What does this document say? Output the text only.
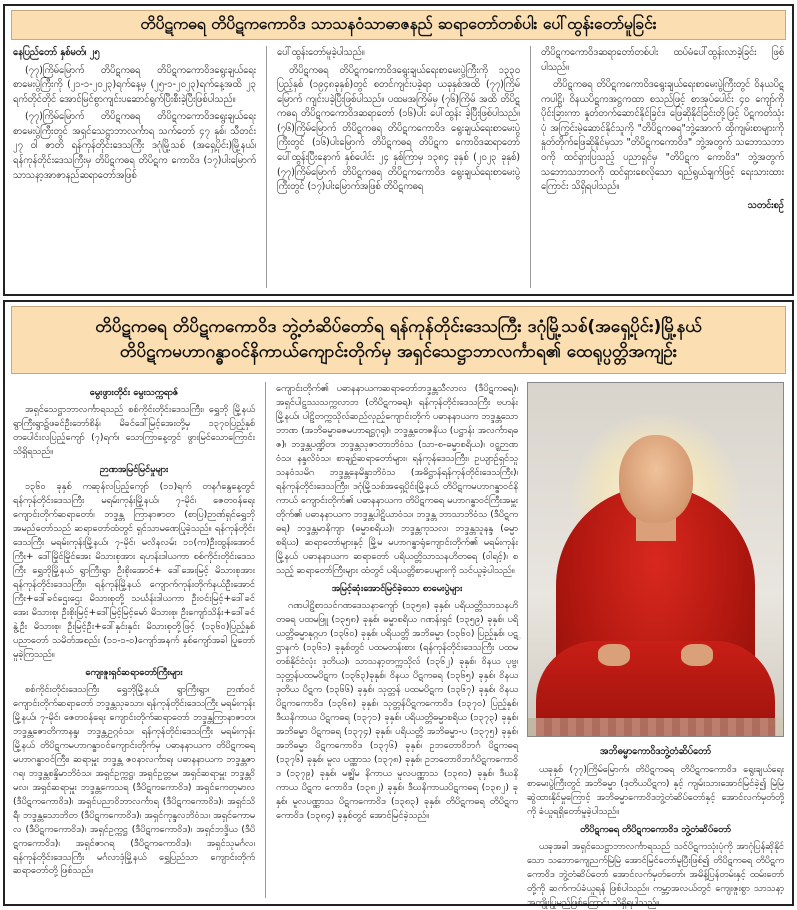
တိပိဋကဓရ တိပိဋကကောဝိဒ သာသနဝံသာဓာဇနည် ဆရာတော်တစ်ပါး ပေါ်ထွန်းတော်မူခြင်း

နေပြည်တော် နှစ်မတ်၊ ၂၅

(၇၇)ကြိမ်မြောက် တိပိဋကဓရ တိပိဋကကောဝိဒရွေးချယ်ရေး စာမေးပွဲကြီးကို (၂၁-၁-၂၀၂၃)ရက်နေ့မှ (၂၅-၁-၂၀၂၃)ရက်နေ့အထိ ၂၃ ရက်တိုင်တိုင် အောင်မြင်စွာကျင်းပဆောင်ရွက်ပြီးစီးခဲ့ပြီးဖြစ်ပါသည်။

(၇၇)ကြိမ်မြောက် တိပိဋကဓရ တိပိဋကကောဝိဒရွေးချယ်ရေး စာမေးပွဲကြီးတွင် အရှင်သေဋ္ဌာဘာလင်္ကာရ သက်တော် ၄၇ နှစ်၊ သီတင်း ၂၇ ဝါ ဇာတိ ရန်ကုန်တိုင်းဒေသကြီး ဒဂုံမြို့သစ် (အရှေ့ပိုင်း)မြို့နယ်၊ ရန်ကုန်တိုင်းဒေသကြီးမှ တိပိဋကဓရ တိပိဋက ကောဝိဒ (၁၇)ပါးမြောက် သာသနာ့အာဇာနည်ဆရာတော်အဖြစ်

ပေါ်ထွန်းတော်မူခဲ့ပါသည်။

တိပိဋကဓရ တိပိဋကကောဝိဒရွေးချယ်ရေးစာမေးပွဲကြီးကို ၁၃၃၀ ပြည့်နှစ် (၁၉၄၈ခုနှစ်)တွင် စတင်ကျင်းပခဲ့ရာ ယခုနှစ်အထိ (၇၇)ကြိမ်မြောက် ကျင်းပခဲ့ပြီးဖြစ်ပါသည်။ ပထမအကြိမ်မှ (၇၆)ကြိမ် အထိ တိပိဋကဓရ တိပိဋကကောဝိဒဆရာတော် (၁၆)ပါး ပေါ်ထွန်း ခဲ့ပြီးဖြစ်ပါသည်။ (၇၆)ကြိမ်မြောက် တိပိဋကဓရ တိပိဋကကောဝိဒ ရွေးချယ်ရေးစာမေးပွဲကြီးတွင် (၁၆)ပါးမြောက် တိပိဋကဓရ တိပိဋက ကောဝိဒဆရာတော် ပေါ်ထွန်းပြီးနောက် နှစ်ပေါင်း ၂၄ နှစ်ကြာမှ ၁၃၈၄ ခုနှစ် (၂၀၂၃ ခုနှစ်) (၇၇)ကြိမ်မြောက် တိပိဋကဓရ တိပိဋကကောဝိဒ ရွေးချယ်ရေးစာမေးပွဲကြီးတွင် (၁၇)ပါးမြောက်အဖြစ် တိပိဋကဓရ

တိပိဋကကောဝိဒဆရာတော်တစ်ပါး ထပ်မံပေါ်ထွန်းလာခဲ့ခြင်း ဖြစ်ပါသည်။

တိပိဋကဓရ တိပိဋကကောဝိဒရွေးချယ်ရေးစာမေးပွဲကြီးတွင် ဝိနယပိဋကပါဠိ၊ ဝိနယပိဋကအဋ္ဌကထာ စသည်ဖြင့် စာအုပ်ပေါင်း ၄၀ ကျော်ကို ပိုင်းခြားကာ နှုတ်တက်ဆောင်နိုင်ခြင်း၊ ဖြေဆိုနိုင်ခြင်းတို့ဖြင့် ပိဋကတ်သုံးပုံ အကြွင်းမဲ့ဆောင်နိုင်သူကို "တိပိဋကဓရ"ဘွဲ့အောက် ထိုကျမ်းစာများကို နှုတ်တိုက်ဖြေဆိုနိုင်မှသာ "တိပိဋကကောဝိဒ" ဘွဲ့အတွက် သဘောသဘာဝကို ထင်ရှားပြသည့် ပညာရှင်မှ "တိပိဋက ကောဝိဒ" ဘွဲ့အတွက် သဘောသဘာဝကို ထင်ရှားစေလိုသော ရည်ရွယ်ချက်ဖြင့် ရေးသားထားကြောင်း သိရှိရပါသည်။

သတင်းစဉ်
တိပိဋကဓရ တိပိဋကကောဝိဒ ဘွဲ့တံဆိပ်တော်ရ ရန်ကုန်တိုင်းဒေသကြီး ဒဂုံမြို့သစ်(အရှေ့ပိုင်း)မြို့နယ်
တိပိဋကမဟာဂန္ဓာဝင်နိကာယ်ကျောင်းတိုက်မှ အရှင်သေဋ္ဌာဘာလင်္ကာရ၏ ထေရုပ္ပတ္တိအကျဉ်း

မွေးဖွားတိုင်း မွေးသက္ကရာဇ်

အရှင်သေဋ္ဌာဘာလင်္ကာရသည် စစ်ကိုင်းတိုင်းဒေသကြီး၊ ရွှေဘို မြို့နယ်ရွာကြီးရွာ၌ဖခင်ဦးဘော်စိန်၊ မိခင်ဒေါ်မြင့်အေးတို့မှ ၁၃၇၀ပြည့်နှစ် တပေါင်းလပြည့်ကျော် (၇)ရက်၊ သောကြာနေ့တွင် ဖွားမြင်သောကြောင်း သိရှိရသည်။

ဉာဏအမြင်မြင်မှုများ

၁၃၆၀ ခုနှစ် ကဆုန်လပြည့်ကျော် (၁၁)ရက် တနင်္ဂနွေနေ့တွင် ရန်ကုန်တိုင်းဒေသကြီး မရမ်းကုန်းမြို့နယ်၊ ၇-မိုင်၊ ဇေတဝန်ရေး ကျောင်းတိုက်ဆရာတော်၊ ဘဒ္ဒန္တ ကြာနာဇာတ (စာပြ)ဉာဏ်ရှင်ရွှေဘို အမည်တော်သည် ဆရာတော်ထံတွင် ရှင်သာမဏေပြုခဲ့သည်။ ရန်ကုန်တိုင်းဒေသကြီး မရမ်းကုန်းမြို့နယ်၊ ၇-မိုင်၊ မလိနလမ်း ၁၁(က)ဦးထွန်းအောင်ကြီး+ ဒေါ်မြိုင်မြိုင်အေး မိသားစုအား ရဟန်းဒါယကာ စစ်ကိုင်းတိုင်းဒေသကြီး ရွှေဘိုမြို့နယ် ရွာကြီးရွာ ဦးစိုးအောင်+ ဒေါ်အေးမြင့် မိသားစုအား ရန်ကုန်တိုင်းဒေသကြီး၊ ရန်ကုန်မြို့နယ် ကျောက်ကုန်းတိုက်နယ်ဦးအောင်ကြီး+ဒေါ်ခင်ဌေးဌေး မိသားစုတို့ သင်္ဃန်းဒါယကာ ဦးဝင်းမြင့်+ဒေါ်ခင်အေး မိသားစု၊ ဦးစိုးမြင့်+ဒေါ်မြင့်မြင့်မော် မိသားစု၊ ဦးကျော်သိန်း+ဒေါ်ခင်နွဲ့ဦး မိသားစု၊ ဦးမြင့်ဦး+ဒေါ်နှင်းနှင်း မိသားစုတို့ဖြင့် (၁၃၆၀)ပြည့်နှစ် ပညာတော် သမိတ်အစည်း (၁၁-၁-ဝ)ကျော်အနက် နှစ်ကျော်အခါ ပြုတော်မူခဲ့ကြသည်။

ကျေးဇူးရှင်ဆရာတော်ကြီးများ

စစ်ကိုင်းတိုင်းဒေသကြီး ရွှေဘိုမြို့နယ်၊ ရွာကြီးရွာ၊ ဉာဏ်ဝင်ကျောင်းတိုက်ဆရာတော် ဘဒ္ဒန္တသုခသာ၊ ရန်ကုန်တိုင်းဒေသကြီး မရမ်းကုန်းမြို့နယ်၊ ၇-မိုင်၊ ဇေတဝန်ရေး ကျောင်းတိုက်ဆရာတော် ဘဒ္ဒန္တကြာနာဇာတ၊ ဘဒ္ဒန္တဇောတိကာနန္ဒ၊ ဘဒ္ဒန္တဥဂ္ဂဝံသ၊ ရန်ကုန်တိုင်းဒေသကြီး မရမ်းကုန်းမြို့နယ် တိပိဋကမဟာဂန္ဓာဝင်ကျောင်းတိုက်မှ ပဓာနနာယက တိပိဋကဓရ မဟာဂန္ဓာဝင်ကြီး၊ ဆရာမှူး ဘဒ္ဒန္တ ဇဝနာလင်္ကာရ၊ ပဓာနနာယက ဘဒ္ဒန္တဇာဂရ၊ ဘဒ္ဒန္တစန္ဒိမာဘိဝံသ၊ အရှင်ဥက္ကဋ္ဌ၊ အရှင်ဥတ္တမ၊ အရှင်ဆရာမှူး ဘဒ္ဒန္တဝိမလ၊ အရှင်ဆရာမှူး ဘဒ္ဒန္တကေသရ (ဒီပိဋကကောဝိဒ) အရှင်ကေတုမာလ (ဒီပိဋကကောဝိဒ)၊ အရှင်ပညာဝိဘာလင်္ကာရ (ဒီပိဋကကောဝိဒ)၊ အရှင်သိရီ၊ ဘဒ္ဒန္တသောဘိတ (ဒီပိဋကကောဝိဒ)၊ အရှင်ကုန္ဒလဘိဝံသ၊ အရှင်ကောမလ (ဒီပိဋကကောဝိဒ)၊ အရှင်ဥက္ကဋ္ဌ (ဒီပိဋကကောဝိဒ)၊ အရှင်ဘဒ္ဒိယ (ဒီပိဋကကောဝိဒ)၊ အရှင်ဇာဂရ (ဒီပိဋကကောဝိဒ)၊ အရှင်သုမင်္ဂလ၊ ရန်ကုန်တိုင်းဒေသကြီး မင်္ဂလာဒုံမြို့နယ် ရွှေပြည်သာ ကျောင်းတိုက်ဆရာတော်တို့ ဖြစ်သည်။

ကျောင်းတိုက်၏ ပဓာနနာယကဆရာတော်ဘဒ္ဒန္တသီလာလ (ဒီပိဋကဓရ)၊ အရှင်ပါဠဿသက္ကလာဘ (တိပိဋကဓရ)၊ ရန်ကုန်တိုင်းဒေသကြီး ဗဟန်း မြို့နယ်၊ ပါဠိတက္ကသိုလ်ဆည်လှည့်ကျောင်းတိုက် ပဓာနနာယက ဘဒ္ဒန္တသောဘာဏ (အဘိဓမ္မာဓဇမဟာရဋ္ဌဂုရု)၊ ဘဒ္ဒန္တတေဇနိယ (ပဋ္ဌာန်း အလင်္ကာရဓဇ)၊ ဘဒ္ဒန္တပဏ္ဍိတ၊ ဘဒ္ဒန္တသုဇာတာဘိဝံသ (သာ-စ-ဓမ္မာစရိယ)၊ ဝဋ္ဋဉာဏဝံသ၊ နန္ဒလိဝံသ၊ စာချဉ်ဆရာတော်များ၊ ရန်ကုန်ဒေသကြီး၊ ဥယျာဉ်ရှင်သူသနဝံသမိဂ ဘဒ္ဒန္တနေမိန္ဒာဘိဝံသ (အဓိဋ္ဌာန်ရန်ကုန်တိုင်းဒေသကြီး)၊ ရန်ကုန်တိုင်းဒေသကြီး၊ ဒဂုံမြို့သစ်အရှေ့ပိုင်းမြို့နယ် တိပိဋကမဟာဂန္ဓာဝင်နိကာယ် ကျောင်းတိုက်၏ ပဓာနနာယက တိပိဋကဓရ မဟာဂန္ဓာဝင်ကြီးအမှူးတိုက်၏ ပဓာနနာယက ဘဒ္ဒန္တပါဠိယာဝံသ၊ ဘဒ္ဒန္တ ဘာသာဘိဝံသ (ဒီပိဋကဓရ) ဘဒ္ဒန္တမာနိကျာ (ဓမ္မာစရိယ)၊ ဘဒ္ဒန္တကုသလ၊ ဘဒ္ဒန္တသူနန္ဒ (ဓမ္မာစရိယ) ဆရာတော်များနှင့် မြို့မ မဟာဂန္ဓာရုံကျောင်းတိုက်၏ မရမ်းကုန်းမြို့နယ် ပဓာနနာယက ဆရာတော် ပရိယတ္တိသာသနဟိတဓရ (ဝါရင့်)၊ စသည့် ဆရာတော်ကြီးများ ထံတွင် ပရိယတ္တိစာပေများကို သင်ယူခဲ့ပါသည်။

အမြင့်ဆုံးအောင်မြင်ခဲ့သော စာမေးပွဲများ

ဂဏပါဠိစာသင်ဂဏဒေသနာကျော် (၁၃၅၈) ခုနှစ်၊ ပရိယတ္တိသာသနဟိတဓရ ပထမဖြူ (၁၃၅၈) ခုနှစ်၊ ဓမ္မာစရိယ ဂဏန်းရှင် (၁၃၅၉) ခုနှစ်၊ ပရိယတ္တိဓမ္မာနုဂ္ဂဟ (၁၃၆၀) ခုနှစ်၊ ပရိယတ္တိ အဘိဓမ္မာ (၁၃၆၀) ပြည့်နှစ်၊ ပဋ္ဌာနကံ (၁၃၆၁) ခုနှစ်တွင် ပထမတန်းစား (ရန်ကုန်တိုင်းဒေသကြီး ပထမ တစ်နိုင်ငံလုံး ဒုတိယ)၊ သာသနာ့တက္ကသိုလ် (၁၃၆၂) ခုနှစ်၊ ဝိနယ ပုဗ္ဗ၊ သုတ္တန်ပထမပိဋက (၁၃၆၃)ခုနှစ်၊ ဝိနယ ပိဋကဓရ (၁၃၆၅) ခုနှစ်၊ ဝိနယဒုတိယ ပိဋက (၁၃၆၆) ခုနှစ်၊ သုတ္တန် ပထမပိဋက (၁၃၆၇) ခုနှစ်၊ ဝိနယ ပိဋကကောဝိဒ (၁၃၆၈) ခုနှစ်၊ သုတ္တန်ပိဋကကောဝိဒ (၁၃၇၀) ပြည့်နှစ်၊ ဒီဃနိကာယ ပိဋကဓရ (၁၃၇၁) ခုနှစ်၊ ပရိယတ္တိဓမ္မာစရိယ (၁၃၇၃) ခုနှစ်၊ အဘိဓမ္မာ ပိဋကဓရ (၁၃၇၄) ခုနှစ်၊ ပရိယတ္တိ အဘိဓမ္မာ-ပ (၁၃၇၅) ခုနှစ်၊ အဘိဓမ္မာ ပိဋကကောဝိဒ (၁၃၇၆) ခုနှစ်၊ ဥဘတောဝိဘင်္ဂ ပိဋကဓရ (၁၃၇၆) ခုနှစ်၊ မူလ ပဏ္ဏာသ (၁၃၇၈) ခုနှစ်၊ ဥဘတောဝိဘင်္ဂပိဋကကောဝိဒ (၁၃၇၉) ခုနှစ်၊ မဇ္ဈိမ နိကာယ မူလပဏ္ဏာသ (၁၃၈၁) ခုနှစ်၊ ဒီဃနိကာယ ပိဋက ကောဝိဒ (၁၃၈၂) ခုနှစ်၊ ဒီဃနိကာယပိဋကဓရ (၁၃၈၂) ခုနှစ်၊ မူလပဏ္ဏာသ ပိဋကကောဝိဒ (၁၃၈၃) ခုနှစ်၊ တိပိဋကဓရ တိပိဋကကောဝိဒ (၁၃၈၄) ခုနှစ်တွင် အောင်မြင်ခဲ့သည်။

အဘိဓမ္မာကောဝိဒဘွဲ့တံဆိပ်တော်

ယခုနှစ် (၇၇)ကြိမ်မြောက်၊ တိပိဋကဓရ တိပိဋကကောဝိဒ ရွေးချယ်ရေးစာမေးပွဲကြီးတွင် အဘိဓမ္မာ (ဒုတိယပိဋက) နှင့် ကျမ်းသားအောင်မြင်ခဲ့၍ မြဲမြဲဆွဲထားနိုင်မှုကြောင့် အဘိဓမ္မာကောဝိဒဘွဲ့တံဆိပ်တော်နှင့် အောင်လက်မှတ်တို့ကို ခံယူရရှိတော်မူခဲ့ပါသည်။

တိပိဋကဓရ တိပိဋကကောဝိဒ ဘွဲ့တံဆိပ်တော်

ယခုအခါ အရှင်သေဋ္ဌာဘာလင်္ကာရသည် သင်ပိဋကသုံးပုံကို အာဂုံပြန်ဆိုနိုင်သော သဘောကျေညက်မြဲမြဲ အောင်မြင်တော်မူပြီးဖြစ်၍ တိပိဋကဓရ တိပိဋကကောဝိဒ ဘွဲ့တံဆိပ်တော် အောင်လက်မှတ်တော်၊ အမိန့်ပြန်တမ်းနှင့် ထမ်းတော်တို့ကို ဆက်ကပ်ခံယူရန် ဖြစ်ပါသည်။ ကမ္ဘာ့အလယ်တွင် ကျေးဇူးစွာ သာသနာ့ အကျိုးပြုမည်ဖြစ်ကြောင်း သိရှိရပါသည်။
